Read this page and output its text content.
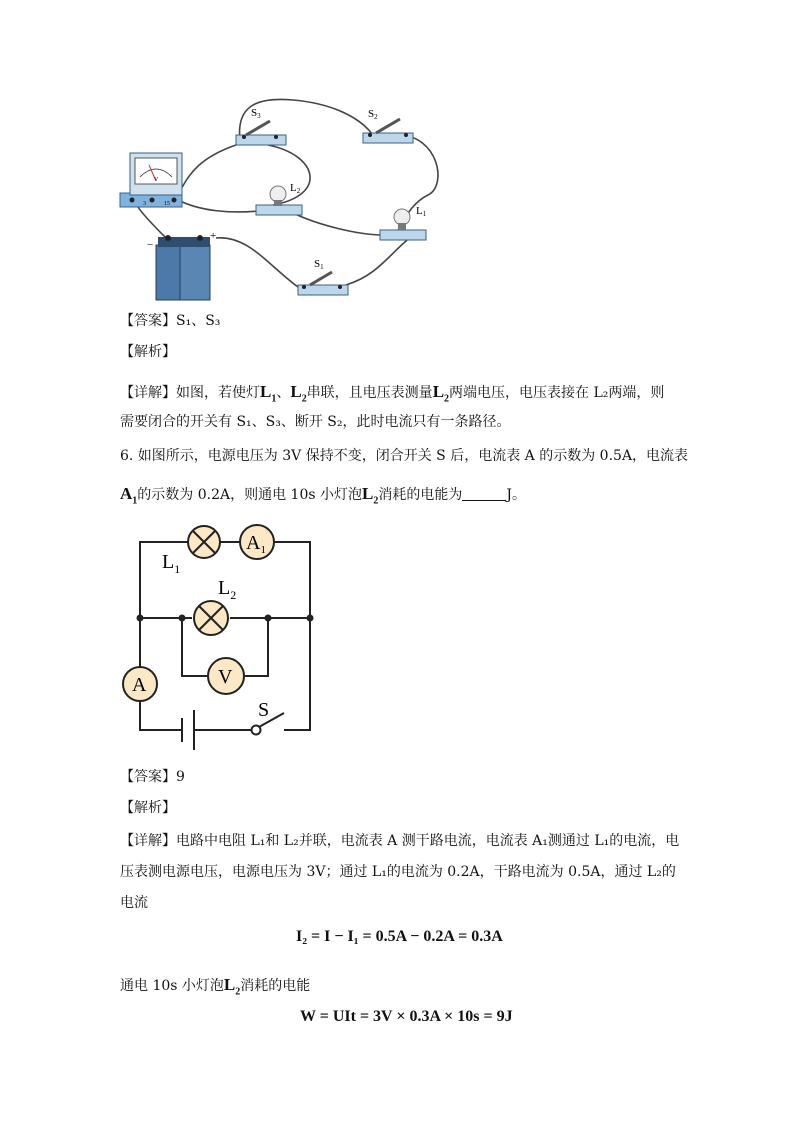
V
3	15
−
+
S3	S2
L2
L1
S1
【答案】S₁、S₃
【解析】
【详解】如图，若使灯$L_1$、$L_2$串联，且电压表测量$L_2$两端电压，电压表接在 L₂两端，则
需要闭合的开关有 S₁、S₃、断开 S₂，此时电流只有一条路径。
6. 如图所示，电源电压为 3V 保持不变，闭合开关 S 后，电流表 A 的示数为 0.5A，电流表
$A_1$的示数为 0.2A，则通电 10s 小灯泡$L_2$消耗的电能为	J。
$L_1$
$A_1$
$L_2$
V
A
S
【答案】9
【解析】
【详解】电路中电阻 L₁和 L₂并联，电流表 A 测干路电流，电流表 A₁测通过 L₁的电流，电
压表测电源电压，电源电压为 3V；通过 L₁的电流为 0.2A，干路电流为 0.5A，通过 L₂的
电流
I₂ = I − I₁ = 0.5A − 0.2A = 0.3A
通电 10s 小灯泡$L_2$消耗的电能
W = UIt = 3V × 0.3A × 10s = 9J
